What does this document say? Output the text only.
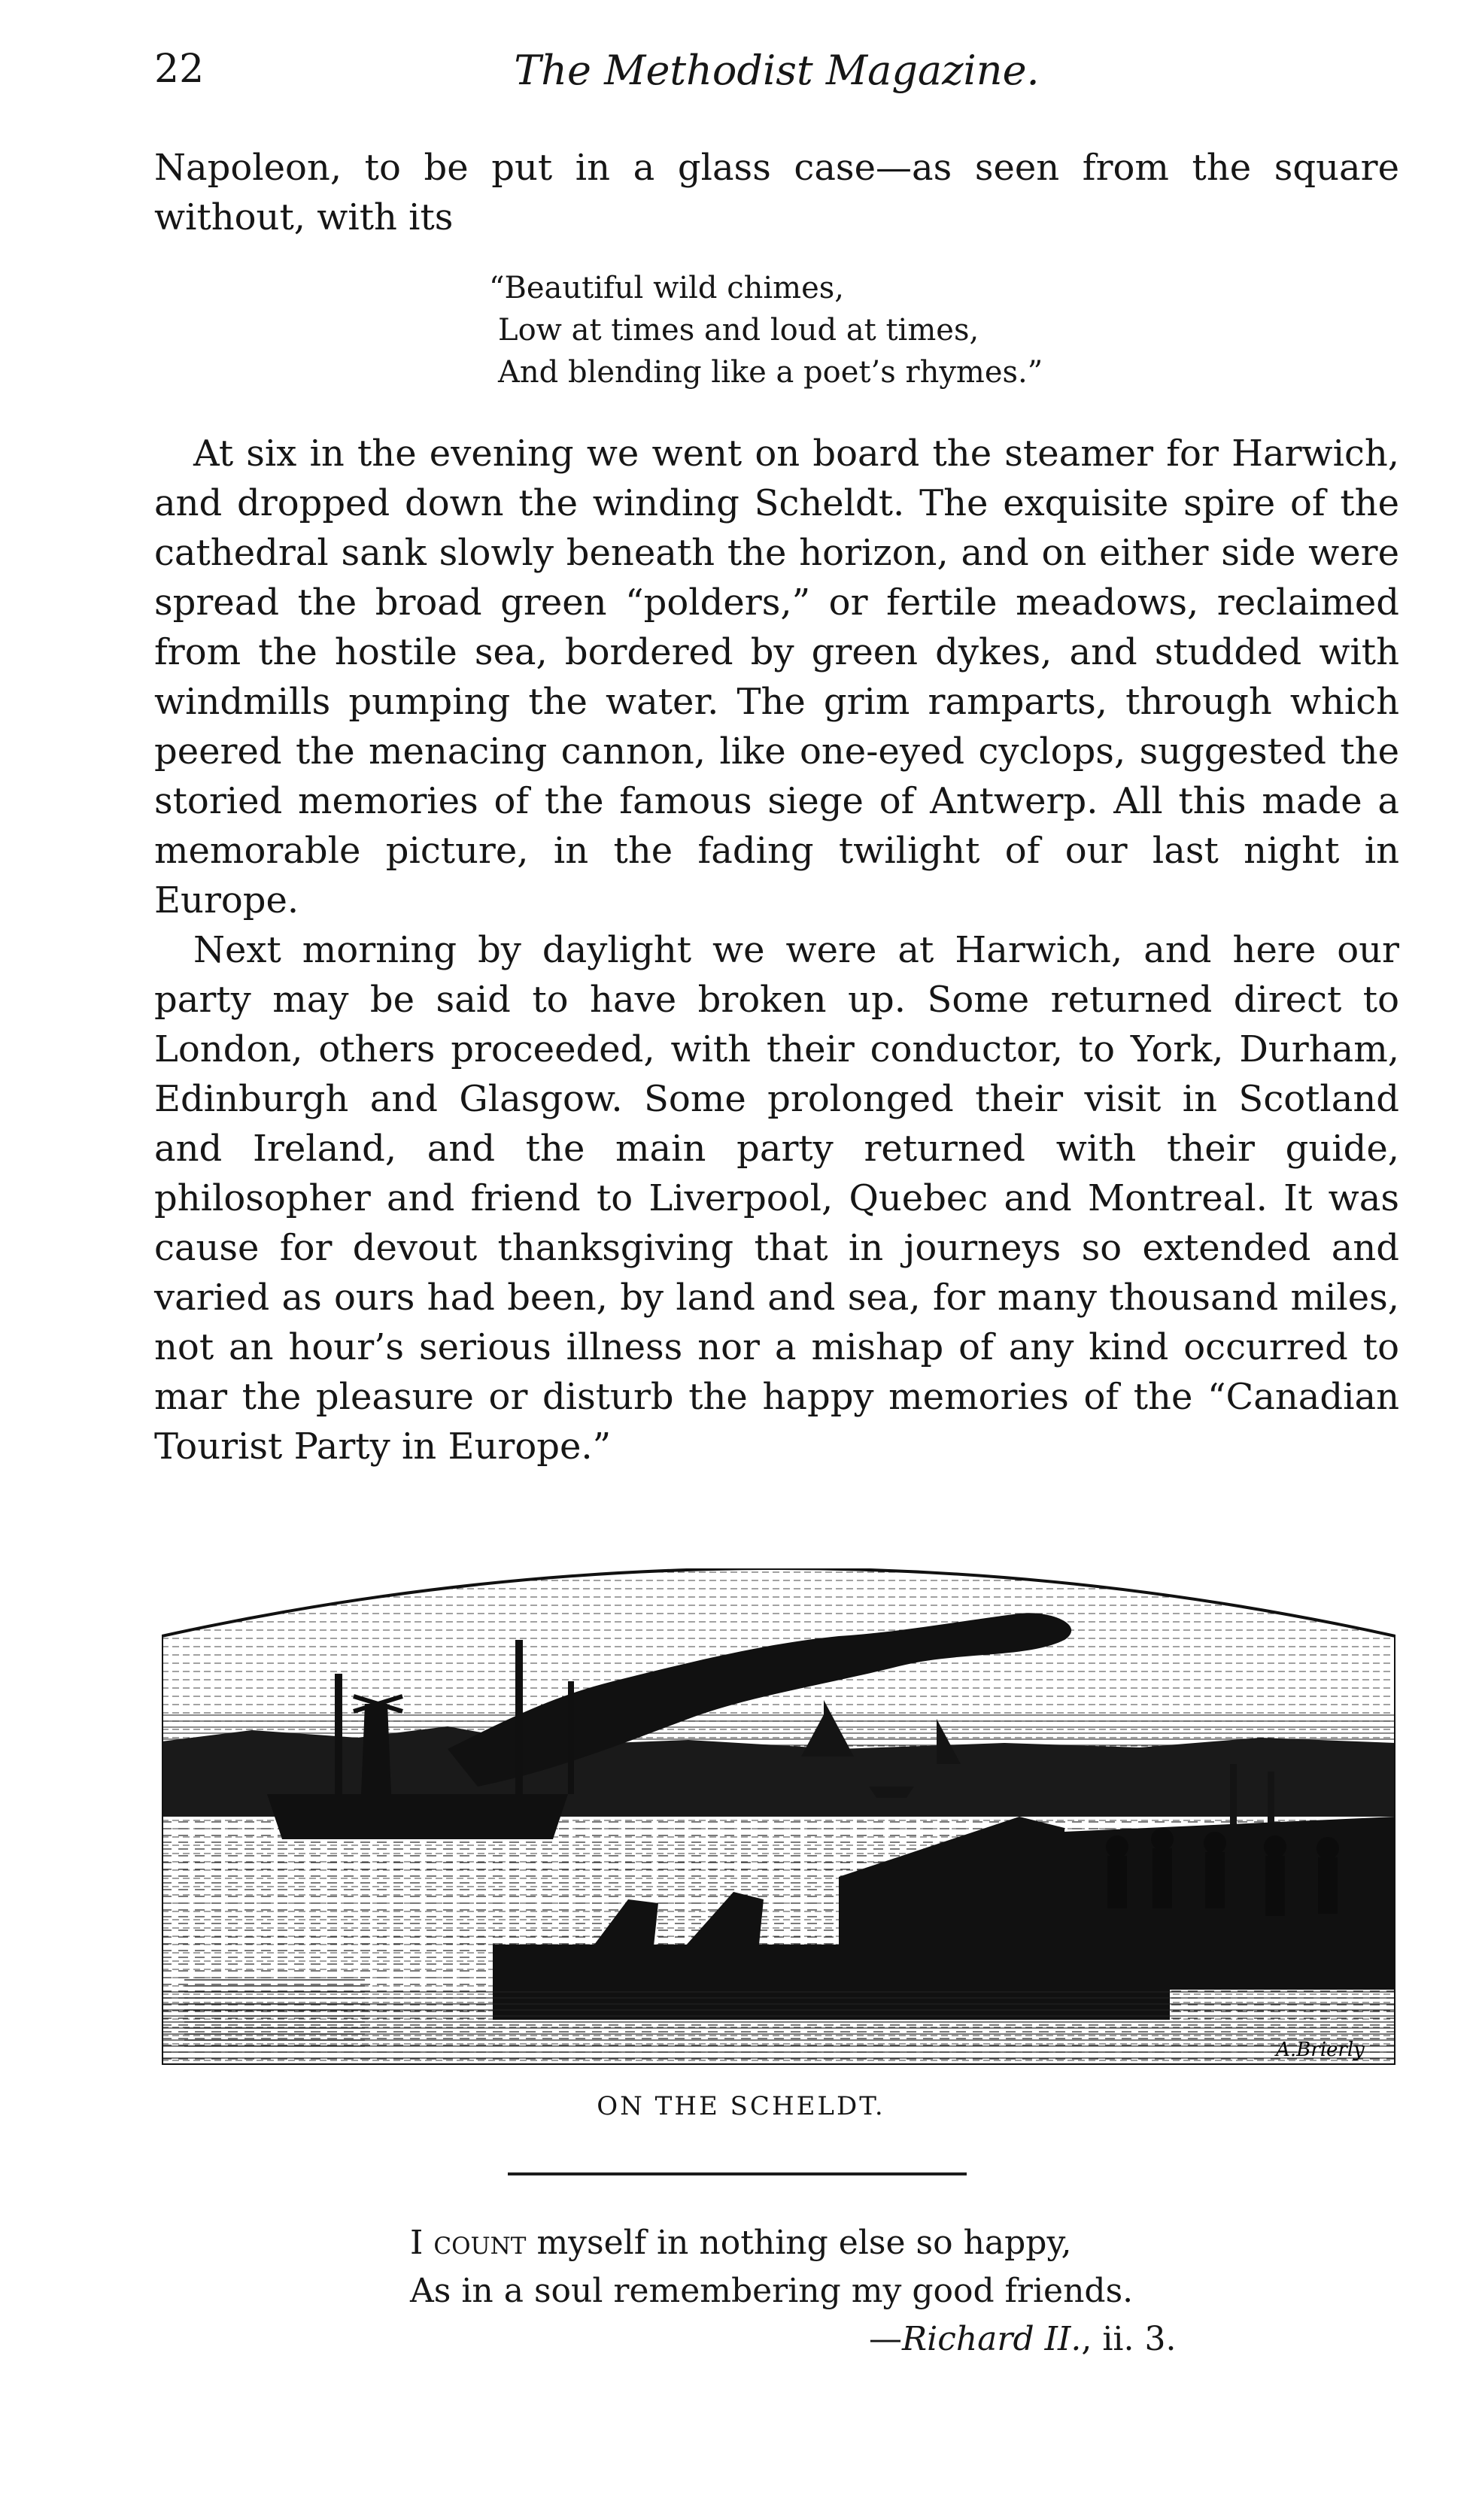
22	The Methodist Magazine.

Napoleon, to be put in a glass case—as seen from the square without, with its

“Beautiful wild chimes,
Low at times and loud at times,
And blending like a poet’s rhymes.”

At six in the evening we went on board the steamer for Harwich, and dropped down the winding Scheldt. The exquisite spire of the cathedral sank slowly beneath the horizon, and on either side were spread the broad green “polders,” or fertile meadows, reclaimed from the hostile sea, bordered by green dykes, and studded with windmills pumping the water. The grim ramparts, through which peered the menacing cannon, like one-eyed cyclops, suggested the storied memories of the famous siege of Antwerp. All this made a memorable picture, in the fading twilight of our last night in Europe.

Next morning by daylight we were at Harwich, and here our party may be said to have broken up. Some returned direct to London, others proceeded, with their conductor, to York, Durham, Edinburgh and Glasgow. Some prolonged their visit in Scotland and Ireland, and the main party returned with their guide, philosopher and friend to Liverpool, Quebec and Montreal. It was cause for devout thanksgiving that in journeys so extended and varied as ours had been, by land and sea, for many thousand miles, not an hour’s serious illness nor a mishap of any kind occurred to mar the pleasure or disturb the happy memories of the “Canadian Tourist Party in Europe.”

A.Brierly
ON THE SCHELDT.
I count myself in nothing else so happy,
As in a soul remembering my good friends.
—Richard II., ii. 3.
